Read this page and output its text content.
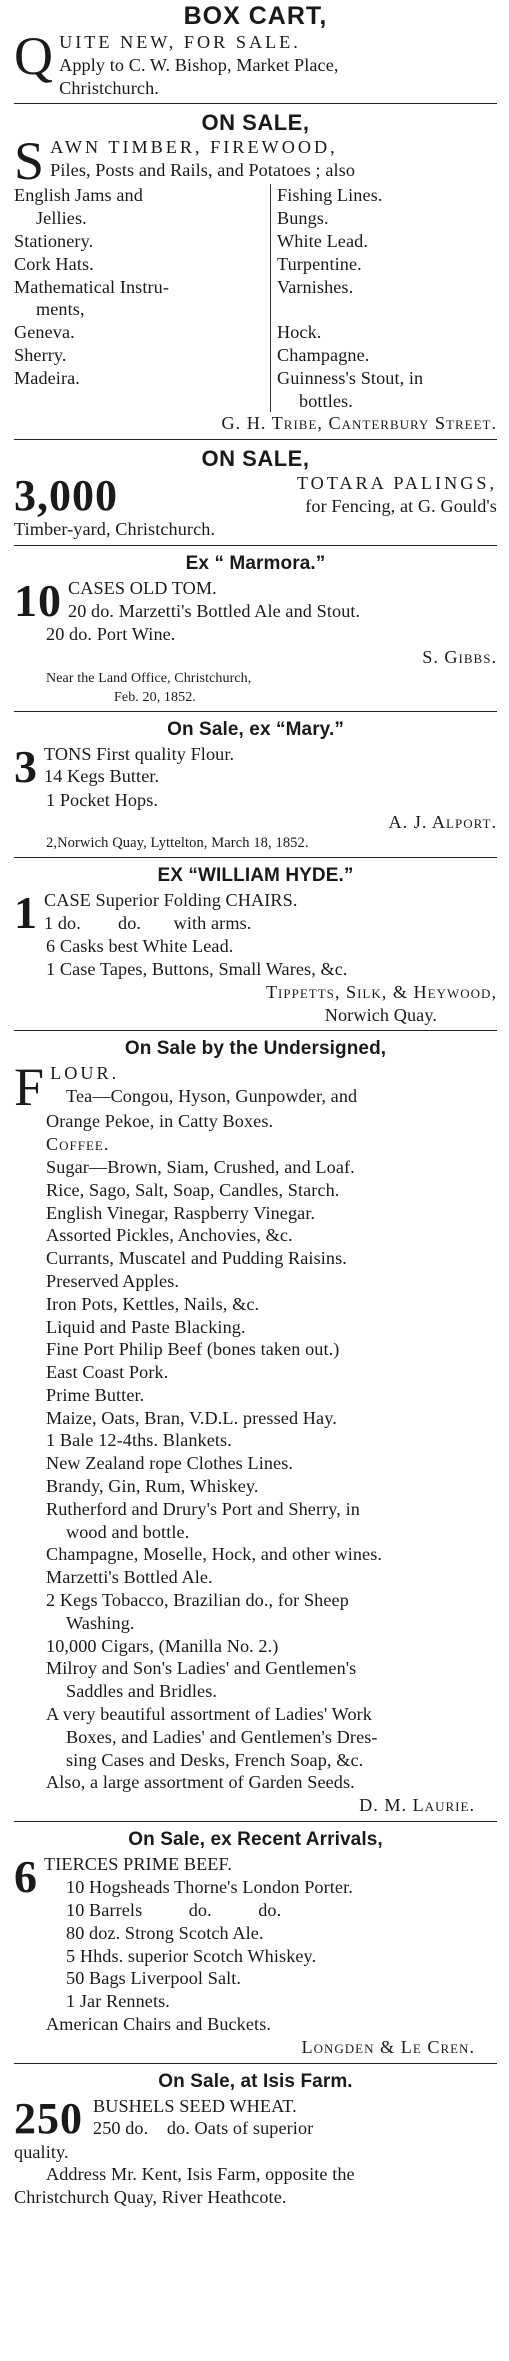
BOX CART,
Q UITE NEW, FOR SALE.
Apply to C. W. Bishop, Market Place,
Christchurch.
ON SALE,
S AWN TIMBER, FIREWOOD,
Piles, Posts and Rails, and Potatoes ; also
English Jams and
Jellies.
Stationery.
Cork Hats.
Mathematical Instru-
ments,
Geneva.
Sherry.
Madeira.
Fishing Lines.
Bungs.
White Lead.
Turpentine.
Varnishes.
Hock.
Champagne.
Guinness's Stout, in
bottles.
G. H. Tribe, Canterbury Street.
ON SALE,
3,000	TOTARA PALINGS,
for Fencing, at G. Gould's
Timber-yard, Christchurch.
Ex “ Marmora.”
10 CASES OLD TOM.
20 do. Marzetti's Bottled Ale and Stout.
20 do. Port Wine.
S. Gibbs.
Near the Land Office, Christchurch,
Feb. 20, 1852.
On Sale, ex “Mary.”
3 TONS First quality Flour.
14 Kegs Butter.
1 Pocket Hops.
A. J. Alport.
2,Norwich Quay, Lyttelton, March 18, 1852.
EX “WILLIAM HYDE.”
1 CASE Superior Folding CHAIRS.
1 do.        do.       with arms.
6 Casks best White Lead.
1 Case Tapes, Buttons, Small Wares, &c.
Tippetts, Silk, & Heywood,
Norwich Quay.
On Sale by the Undersigned,
F LOUR.
Tea—Congou, Hyson, Gunpowder, and
Orange Pekoe, in Catty Boxes.
Coffee.
Sugar—Brown, Siam, Crushed, and Loaf.
Rice, Sago, Salt, Soap, Candles, Starch.
English Vinegar, Raspberry Vinegar.
Assorted Pickles, Anchovies, &c.
Currants, Muscatel and Pudding Raisins.
Preserved Apples.
Iron Pots, Kettles, Nails, &c.
Liquid and Paste Blacking.
Fine Port Philip Beef (bones taken out.)
East Coast Pork.
Prime Butter.
Maize, Oats, Bran, V.D.L. pressed Hay.
1 Bale 12-4ths. Blankets.
New Zealand rope Clothes Lines.
Brandy, Gin, Rum, Whiskey.
Rutherford and Drury's Port and Sherry, in
wood and bottle.
Champagne, Moselle, Hock, and other wines.
Marzetti's Bottled Ale.
2 Kegs Tobacco, Brazilian do., for Sheep
Washing.
10,000 Cigars, (Manilla No. 2.)
Milroy and Son's Ladies' and Gentlemen's
Saddles and Bridles.
A very beautiful assortment of Ladies' Work
Boxes, and Ladies' and Gentlemen's Dres-
sing Cases and Desks, French Soap, &c.
Also, a large assortment of Garden Seeds.
D. M. Laurie.
On Sale, ex Recent Arrivals,
6 TIERCES PRIME BEEF.
10 Hogsheads Thorne's London Porter.
10 Barrels          do.          do.
80 doz. Strong Scotch Ale.
5 Hhds. superior Scotch Whiskey.
50 Bags Liverpool Salt.
1 Jar Rennets.
American Chairs and Buckets.
Longden & Le Cren.
On Sale, at Isis Farm.
250 BUSHELS SEED WHEAT.
250 do.    do. Oats of superior
quality.
Address Mr. Kent, Isis Farm, opposite the
Christchurch Quay, River Heathcote.
